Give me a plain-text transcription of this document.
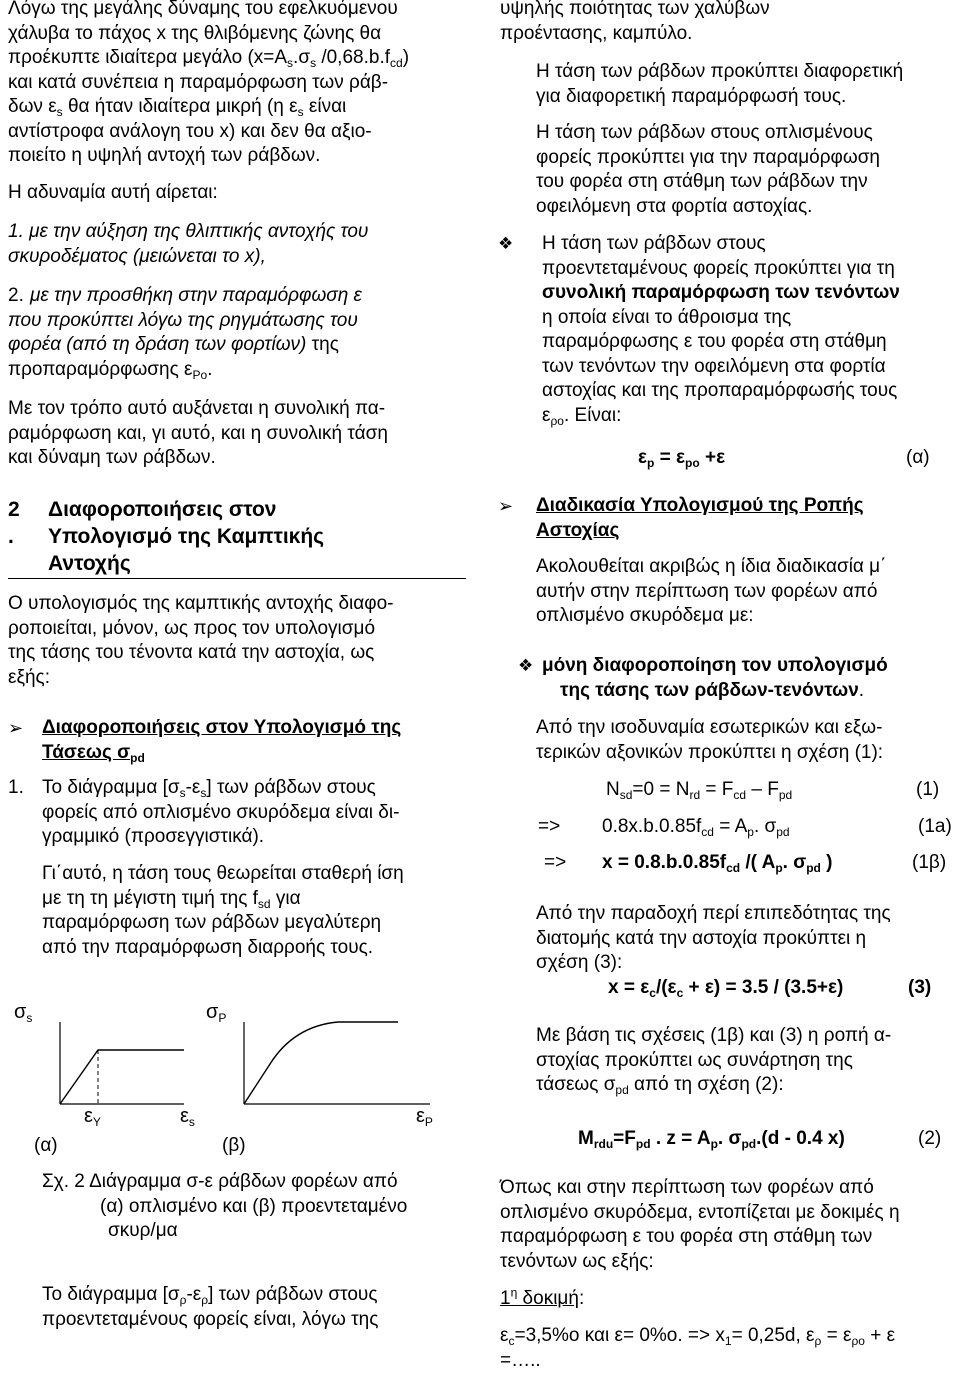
Λόγω της μεγάλης δύναμης του εφελκυόμενου
χάλυβα το πάχος x της θλιβόμενης ζώνης θα
προέκυπτε ιδιαίτερα μεγάλο ($x=A_s.\sigma_s$ $/0,68.b.f_{cd}$)
και κατά συνέπεια η παραμόρφωση των ράβ-
δων $\varepsilon_s$ θα ήταν ιδιαίτερα μικρή (η $\varepsilon_s$ είναι
αντίστροφα ανάλογη του x) και δεν θα αξιο-
ποιείτο η υψηλή αντοχή των ράβδων.

Η αδυναμία αυτή αίρεται:

1. με την αύξηση της θλιπτικής αντοχής του
σκυροδέματος (μειώνεται το x),

2. με την προσθήκη στην παραμόρφωση ε

που προκύπτει λόγω της ρηγμάτωσης του
φορέα (από τη δράση των φορτίων) της
προπαραμόρφωσης $\varepsilon_{Po}$.

Με τον τρόπο αυτό αυξάνεται η συνολική πα-
ραμόρφωση και, γι αυτό, και η συνολική τάση
και δύναμη των ράβδων.

2 .
Διαφοροποιήσεις στον
Υπολογισμό της Καμπτικής
Αντοχής

Ο υπολογισμός της καμπτικής αντοχής διαφο-
ροποιείται, μόνον, ως προς τον υπολογισμό
της τάσης του τένοντα κατά την αστοχία, ως
εξής:

➢ Διαφοροποιήσεις στον Υπολογισμό της
Τάσεως $\sigma_{pd}$

1. Το διάγραμμα $[\sigma_s-\varepsilon_s]$ των ράβδων στους
φορείς από οπλισμένο σκυρόδεμα είναι δι-
γραμμικό (προσεγγιστικά).

Γι΄αυτό, η τάση τους θεωρείται σταθερή ίση
με τη τη μέγιστη τιμή της $f_{sd}$ για
παραμόρφωση των ράβδων μεγαλύτερη
από την παραμόρφωση διαρροής τους.

$\sigma_s$
$\varepsilon_\Upsilon$	$\varepsilon_s$
(α)
$\sigma_P$
$\varepsilon_P$
(β)

Σχ. 2 Διάγραμμα σ-ε ράβδων φορέων από
(α) οπλισμένο και (β) προεντεταμένο
σκυρ/μα

Το διάγραμμα $[\sigma_\rho-\varepsilon_\rho]$ των ράβδων στους
προεντεταμένους φορείς είναι, λόγω της

υψηλής ποιότητας των χαλύβων
προέντασης, καμπύλο.

Η τάση των ράβδων προκύπτει διαφορετική
για διαφορετική παραμόρφωσή τους.

Η τάση των ράβδων στους οπλισμένους
φορείς προκύπτει για την παραμόρφωση
του φορέα στη στάθμη των ράβδων την
οφειλόμενη στα φορτία αστοχίας.

❖ Η τάση των ράβδων στους
προεντεταμένους φορείς προκύπτει για τη
συνολική παραμόρφωση των τενόντων
η οποία είναι το άθροισμα της
παραμόρφωσης ε του φορέα στη στάθμη
των τενόντων την οφειλόμενη στα φορτία
αστοχίας και της προπαραμόρφωσής τους
$\varepsilon_{\rho o}$. Είναι:

$\varepsilon_p = \varepsilon_{po} +\varepsilon$	(α)
➢ Διαδικασία Υπολογισμού της Ροπής
Αστοχίας

Ακολουθείται ακριβώς η ίδια διαδικασία μ΄
αυτήν στην περίπτωση των φορέων από
οπλισμένο σκυρόδεμα με:

❖ μόνη διαφοροποίηση τον υπολογισμό
της τάσης των ράβδων-τενόντων.

Από την ισοδυναμία εσωτερικών και εξω-
τερικών αξονικών προκύπτει η σχέση (1):

$N_{sd}=0 = N_{rd} = F_{cd} - F_{pd}$	(1)
=> $0.8x.b.0.85f_{cd} = A_p$. $\sigma_{pd}$	(1a)
=> $x = 0.8.b.0.85f_{cd}$ /( $A_p$. $\sigma_{pd}$ )	(1β)

Από την παραδοχή περί επιπεδότητας της
διατομής κατά την αστοχία προκύπτει η
σχέση (3):

$x = \varepsilon_c/(\varepsilon_c + \varepsilon) = 3.5 / (3.5+\varepsilon)$	(3)

Με βάση τις σχέσεις (1β) και (3) η ροπή α-
στοχίας προκύπτει ως συνάρτηση της
τάσεως $\sigma_{pd}$ από τη σχέση (2):

$M_{rdu}=F_{pd}$ . $z = A_p$. $\sigma_{pd}.(d - 0.4$ x)	(2)

Όπως και στην περίπτωση των φορέων από
οπλισμένο σκυρόδεμα, εντοπίζεται με δοκιμές η
παραμόρφωση ε του φορέα στη στάθμη των
τενόντων ως εξής:

$1^\eta$ δοκιμή:

$\varepsilon_c=3,5\%o$ και ε= 0%ο. => $x_1= 0,25d$, $\varepsilon_\rho = \varepsilon_{\rho o} + \varepsilon$
=…..
